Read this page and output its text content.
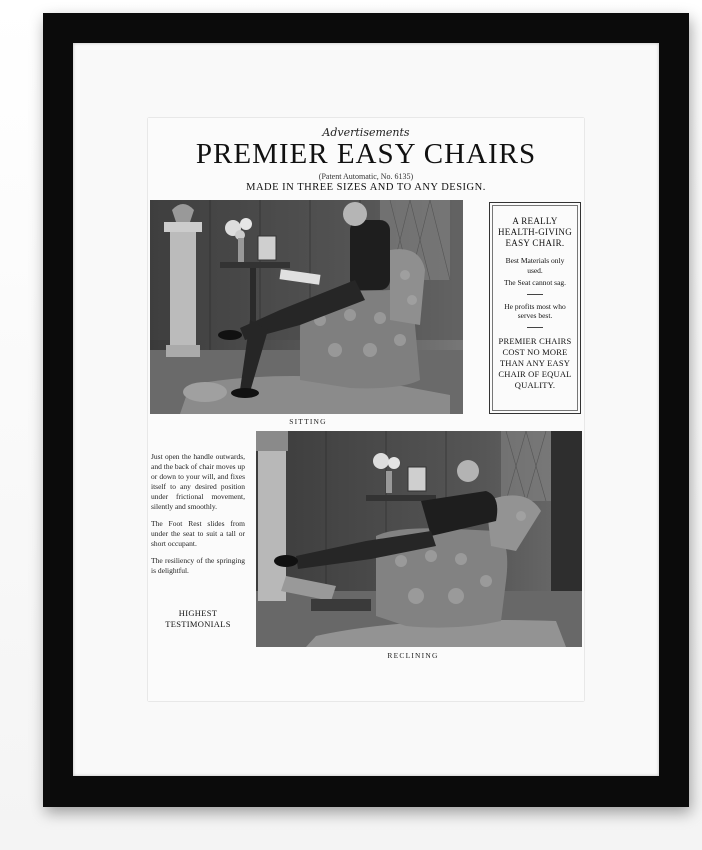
Advertisements
PREMIER EASY CHAIRS
(Patent Automatic, No. 6135)
MADE IN THREE SIZES AND TO ANY DESIGN.
SITTING
A REALLY
HEALTH-GIVING
EASY CHAIR.
Best Materials only used.
The Seat cannot sag.
He profits most who serves best.
PREMIER CHAIRS
COST NO MORE
THAN ANY EASY
CHAIR OF EQUAL
QUALITY.

Just open the handle outwards, and the back of chair moves up or down to your will, and fixes itself to any desired position under frictional movement, silently and smoothly.

The Foot Rest slides from under the seat to suit a tall or short occupant.

The resiliency of the springing is delightful.

HIGHEST
TESTIMONIALS
RECLINING
